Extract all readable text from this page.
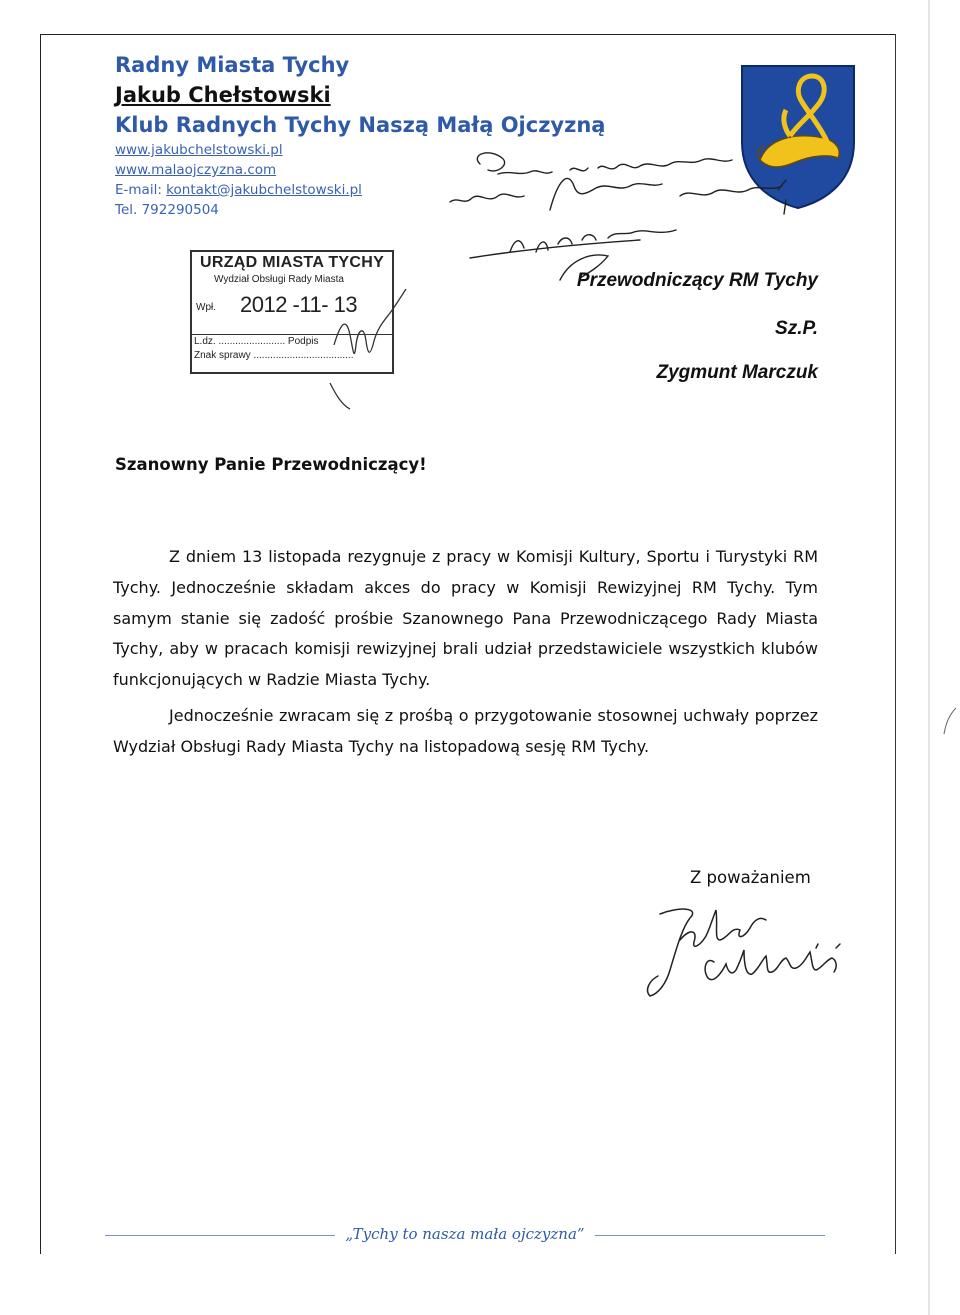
Radny Miasta Tychy
Jakub Chełstowski
Klub Radnych Tychy Naszą Małą Ojczyzną
www.jakubchelstowski.pl
www.malaojczyzna.com
E-mail: kontakt@jakubchelstowski.pl
Tel. 792290504
URZĄD MIASTA TYCHY
Wydział Obsługi Rady Miasta
Wpł. 2012 -11- 13
L.dz. ........................ Podpis
Znak sprawy ....................................
Przewodniczący RM Tychy
Sz.P.
Zygmunt Marczuk
Szanowny Panie Przewodniczący!

Z dniem 13 listopada rezygnuje z pracy w Komisji Kultury, Sportu i Turystyki RM Tychy. Jednocześnie składam akces do pracy w Komisji Rewizyjnej RM Tychy. Tym samym stanie się zadość prośbie Szanownego Pana Przewodniczącego Rady Miasta Tychy, aby w pracach komisji rewizyjnej brali udział przedstawiciele wszystkich klubów funkcjonujących w Radzie Miasta Tychy.

Jednocześnie zwracam się z prośbą o przygotowanie stosownej uchwały poprzez Wydział Obsługi Rady Miasta Tychy na listopadową sesję RM Tychy.

Z poważaniem
„Tychy to nasza mała ojczyzna”
